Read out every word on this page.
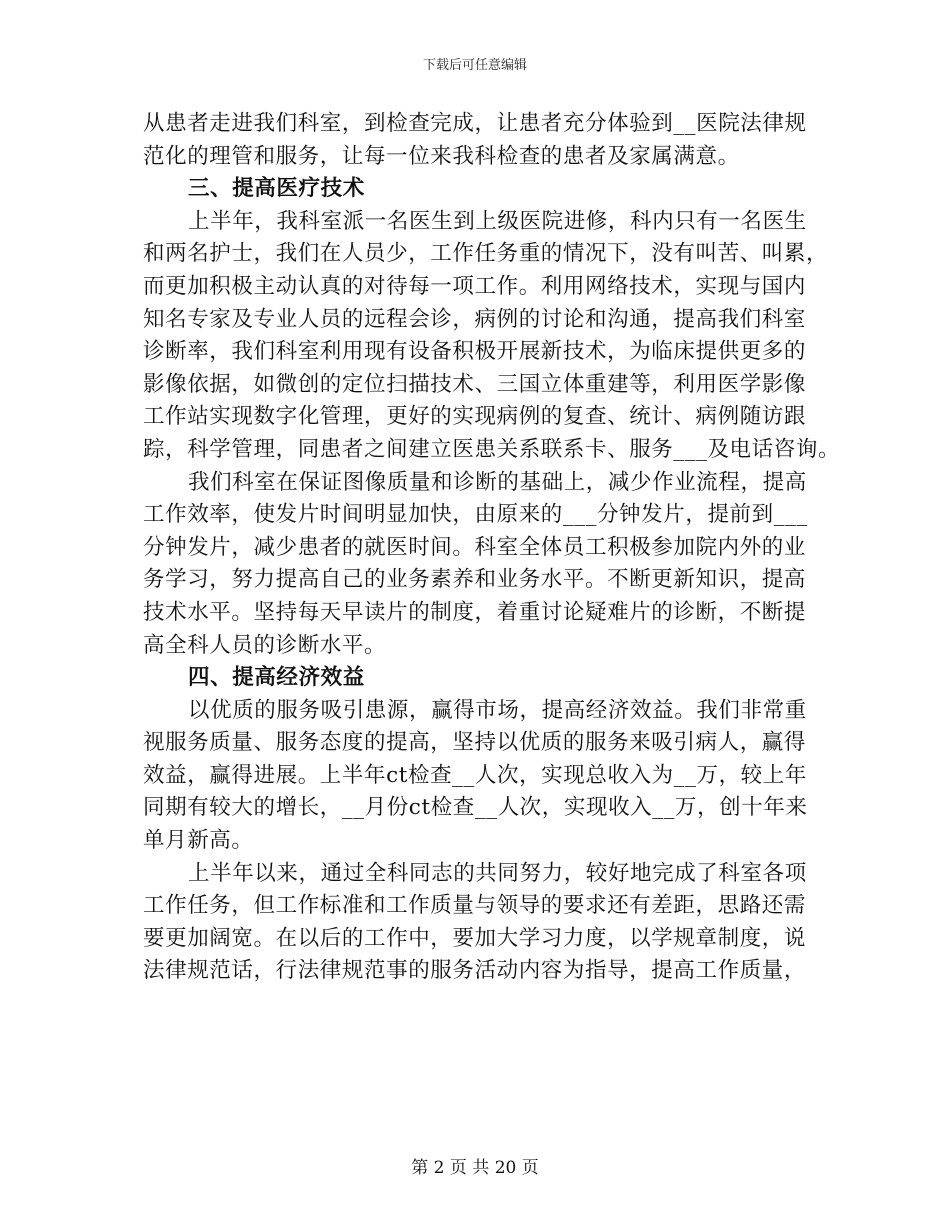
下载后可任意编辑
从患者走进我们科室，到检查完成，让患者充分体验到__医院法律规
范化的理管和服务，让每一位来我科检查的患者及家属满意。
三、提高医疗技术
上半年，我科室派一名医生到上级医院进修，科内只有一名医生
和两名护士，我们在人员少，工作任务重的情况下，没有叫苦、叫累，
而更加积极主动认真的对待每一项工作。利用网络技术，实现与国内
知名专家及专业人员的远程会诊，病例的讨论和沟通，提高我们科室
诊断率，我们科室利用现有设备积极开展新技术，为临床提供更多的
影像依据，如微创的定位扫描技术、三国立体重建等，利用医学影像
工作站实现数字化管理，更好的实现病例的复查、统计、病例随访跟
踪，科学管理，同患者之间建立医患关系联系卡、服务___及电话咨询。
我们科室在保证图像质量和诊断的基础上，减少作业流程，提高
工作效率，使发片时间明显加快，由原来的___分钟发片，提前到___
分钟发片，减少患者的就医时间。科室全体员工积极参加院内外的业
务学习，努力提高自己的业务素养和业务水平。不断更新知识，提高
技术水平。坚持每天早读片的制度，着重讨论疑难片的诊断，不断提
高全科人员的诊断水平。
四、提高经济效益
以优质的服务吸引患源，赢得市场，提高经济效益。我们非常重
视服务质量、服务态度的提高，坚持以优质的服务来吸引病人，赢得
效益，赢得进展。上半年ct检查__人次，实现总收入为__万，较上年
同期有较大的增长，__月份ct检查__人次，实现收入__万，创十年来
单月新高。
上半年以来，通过全科同志的共同努力，较好地完成了科室各项
工作任务，但工作标准和工作质量与领导的要求还有差距，思路还需
要更加阔宽。在以后的工作中，要加大学习力度，以学规章制度，说
法律规范话，行法律规范事的服务活动内容为指导，提高工作质量，
第 2 页 共 20 页
